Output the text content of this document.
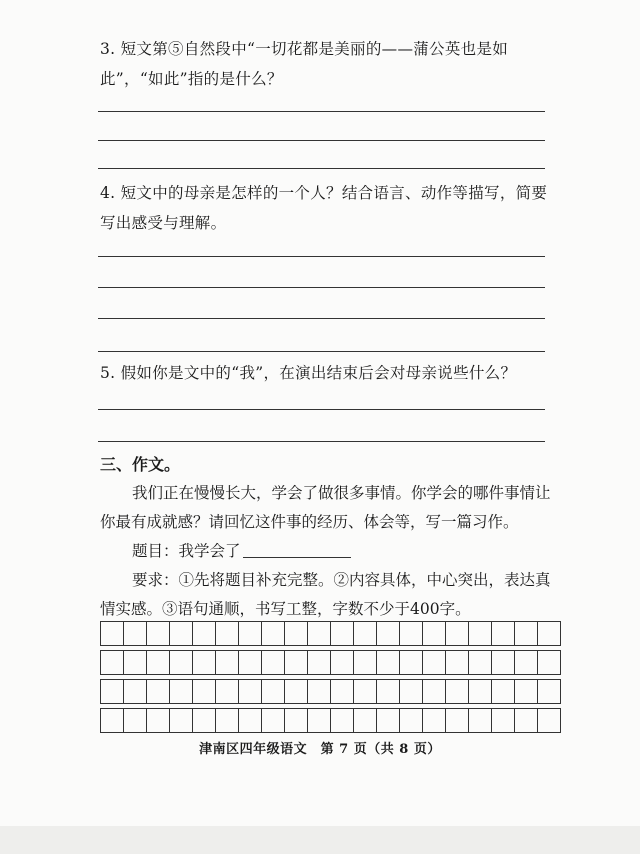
3. 短文第⑤自然段中“一切花都是美丽的——蒲公英也是如此”，“如此”指的是什么？
4. 短文中的母亲是怎样的一个人？结合语言、动作等描写，简要写出感受与理解。
5. 假如你是文中的“我”，在演出结束后会对母亲说些什么？
三、作文。
我们正在慢慢长大，学会了做很多事情。你学会的哪件事情让你最有成就感？请回忆这件事的经历、体会等，写一篇习作。
题目：我学会了
要求：①先将题目补充完整。②内容具体，中心突出，表达真情实感。③语句通顺，书写工整，字数不少于400字。
津南区四年级语文　第 7 页（共 8 页）
